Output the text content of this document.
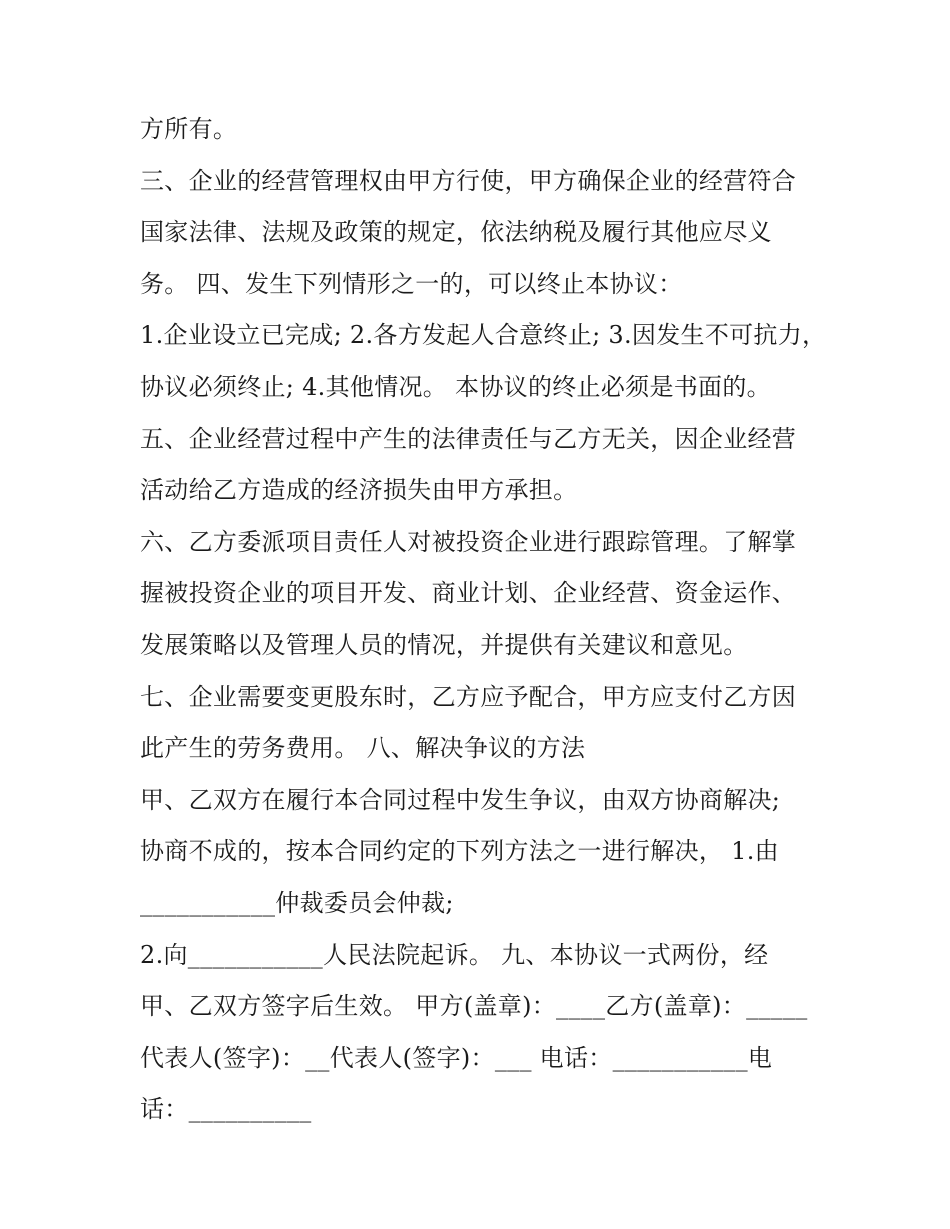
方所有。
三、企业的经营管理权由甲方行使，甲方确保企业的经营符合
国家法律、法规及政策的规定，依法纳税及履行其他应尽义
务。 四、发生下列情形之一的，可以终止本协议：
1.企业设立已完成; 2.各方发起人合意终止; 3.因发生不可抗力，
协议必须终止; 4.其他情况。 本协议的终止必须是书面的。
五、企业经营过程中产生的法律责任与乙方无关，因企业经营
活动给乙方造成的经济损失由甲方承担。
六、乙方委派项目责任人对被投资企业进行跟踪管理。了解掌
握被投资企业的项目开发、商业计划、企业经营、资金运作、
发展策略以及管理人员的情况，并提供有关建议和意见。
七、企业需要变更股东时，乙方应予配合，甲方应支付乙方因
此产生的劳务费用。 八、解决争议的方法
甲、乙双方在履行本合同过程中发生争议，由双方协商解决;
协商不成的，按本合同约定的下列方法之一进行解决， 1.由
___________仲裁委员会仲裁;
2.向___________人民法院起诉。 九、本协议一式两份，经
甲、乙双方签字后生效。 甲方(盖章)：____乙方(盖章)：_____
代表人(签字)：__代表人(签字)：___ 电话：___________电
话：__________
